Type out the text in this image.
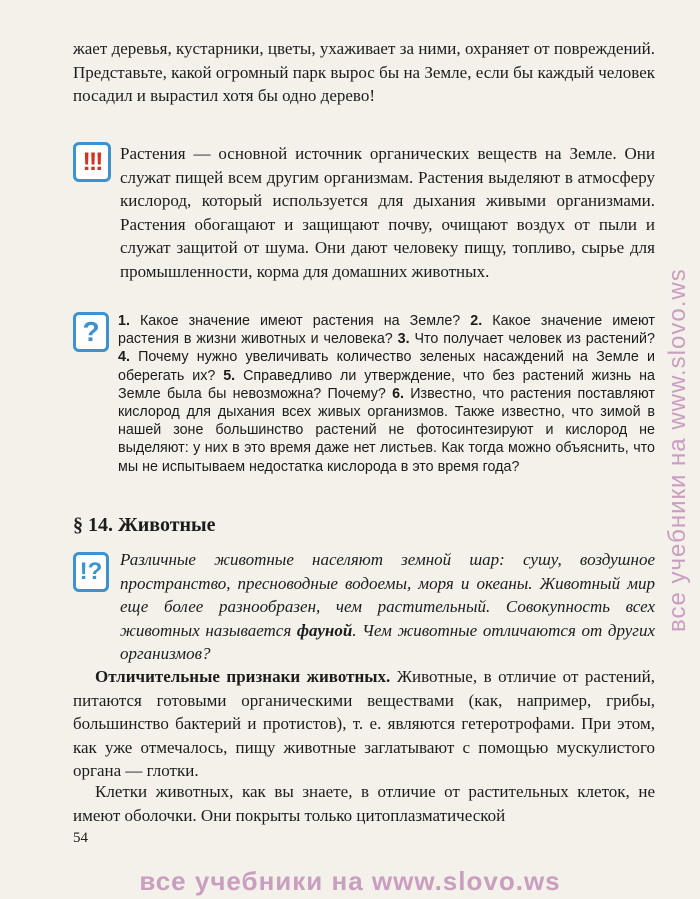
жает деревья, кустарники, цветы, ухаживает за ними, охраняет от повреждений. Представьте, какой огромный парк вырос бы на Земле, если бы каждый человек посадил и вырастил хотя бы одно дерево!
!!!	Растения — основной источник органических веществ на Земле. Они служат пищей всем другим организмам. Растения выделяют в атмосферу кислород, который используется для дыхания живыми организмами. Растения обогащают и защищают почву, очищают воздух от пыли и служат защитой от шума. Они дают человеку пищу, топливо, сырье для промышленности, корма для домашних животных.
?	1. Какое значение имеют растения на Земле? 2. Какое значение имеют растения в жизни животных и человека? 3. Что получает человек из растений? 4. Почему нужно увеличивать количество зеленых насаждений на Земле и оберегать их? 5. Справедливо ли утверждение, что без растений жизнь на Земле была бы невозможна? Почему? 6. Известно, что растения поставляют кислород для дыхания всех живых организмов. Также известно, что зимой в нашей зоне большинство растений не фотосинтезируют и кислород не выделяют: у них в это время даже нет листьев. Как тогда можно объяснить, что мы не испытываем недостатка кислорода в это время года?
§ 14. Животные
!?	Различные животные населяют земной шар: сушу, воздушное пространство, пресноводные водоемы, моря и океаны. Животный мир еще более разнообразен, чем растительный. Совокупность всех животных называется фауной. Чем животные отличаются от других организмов?
Отличительные признаки животных. Животные, в отличие от растений, питаются готовыми органическими веществами (как, например, грибы, большинство бактерий и протистов), т. е. являются гетеротрофами. При этом, как уже отмечалось, пищу животные заглатывают с помощью мускулистого органа — глотки.
Клетки животных, как вы знаете, в отличие от растительных клеток, не имеют оболочки. Они покрыты только цитоплазматической
54
все учебники на www.slovo.ws
все учебники на www.slovo.ws
